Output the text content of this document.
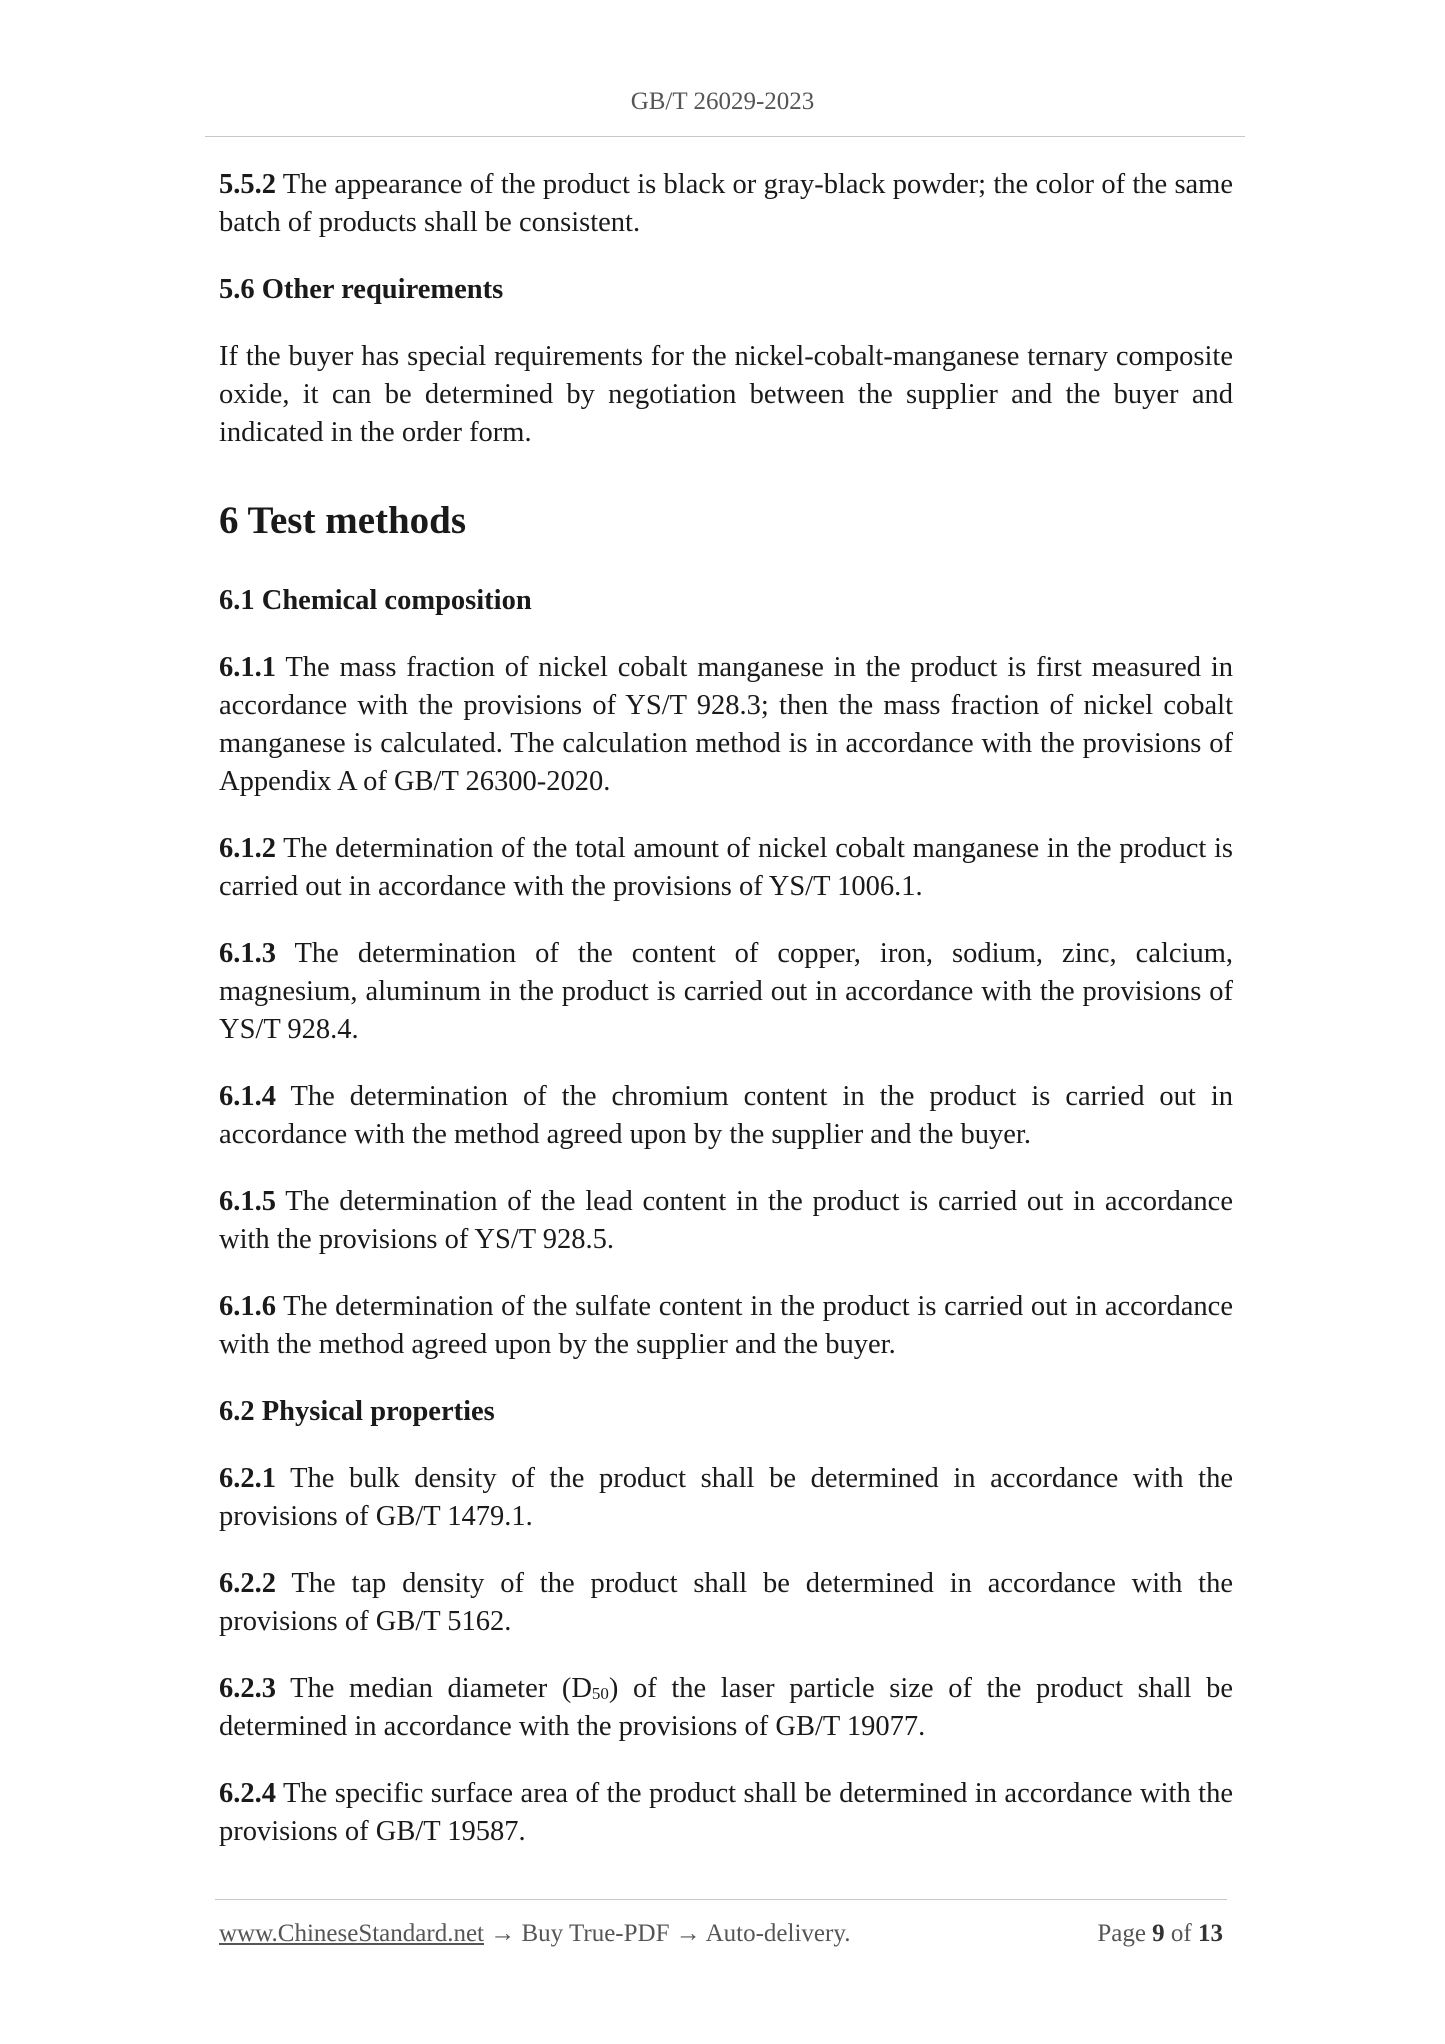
GB/T 26029-2023

5.5.2 The appearance of the product is black or gray-black powder; the color of the same batch of products shall be consistent.

5.6 Other requirements

If the buyer has special requirements for the nickel-cobalt-manganese ternary composite oxide, it can be determined by negotiation between the supplier and the buyer and indicated in the order form.

6 Test methods
6.1 Chemical composition

6.1.1 The mass fraction of nickel cobalt manganese in the product is first measured in accordance with the provisions of YS/T 928.3; then the mass fraction of nickel cobalt manganese is calculated. The calculation method is in accordance with the provisions of Appendix A of GB/T 26300-2020.

6.1.2 The determination of the total amount of nickel cobalt manganese in the product is carried out in accordance with the provisions of YS/T 1006.1.

6.1.3 The determination of the content of copper, iron, sodium, zinc, calcium, magnesium, aluminum in the product is carried out in accordance with the provisions of YS/T 928.4.

6.1.4 The determination of the chromium content in the product is carried out in accordance with the method agreed upon by the supplier and the buyer.

6.1.5 The determination of the lead content in the product is carried out in accordance with the provisions of YS/T 928.5.

6.1.6 The determination of the sulfate content in the product is carried out in accordance with the method agreed upon by the supplier and the buyer.

6.2 Physical properties

6.2.1 The bulk density of the product shall be determined in accordance with the provisions of GB/T 1479.1.

6.2.2 The tap density of the product shall be determined in accordance with the provisions of GB/T 5162.

6.2.3 The median diameter $(D_{50})$ of the laser particle size of the product shall be determined in accordance with the provisions of GB/T 19077.

6.2.4 The specific surface area of the product shall be determined in accordance with the provisions of GB/T 19587.

www.ChineseStandard.net → Buy True-PDF → Auto-delivery.	Page 9 of 13
